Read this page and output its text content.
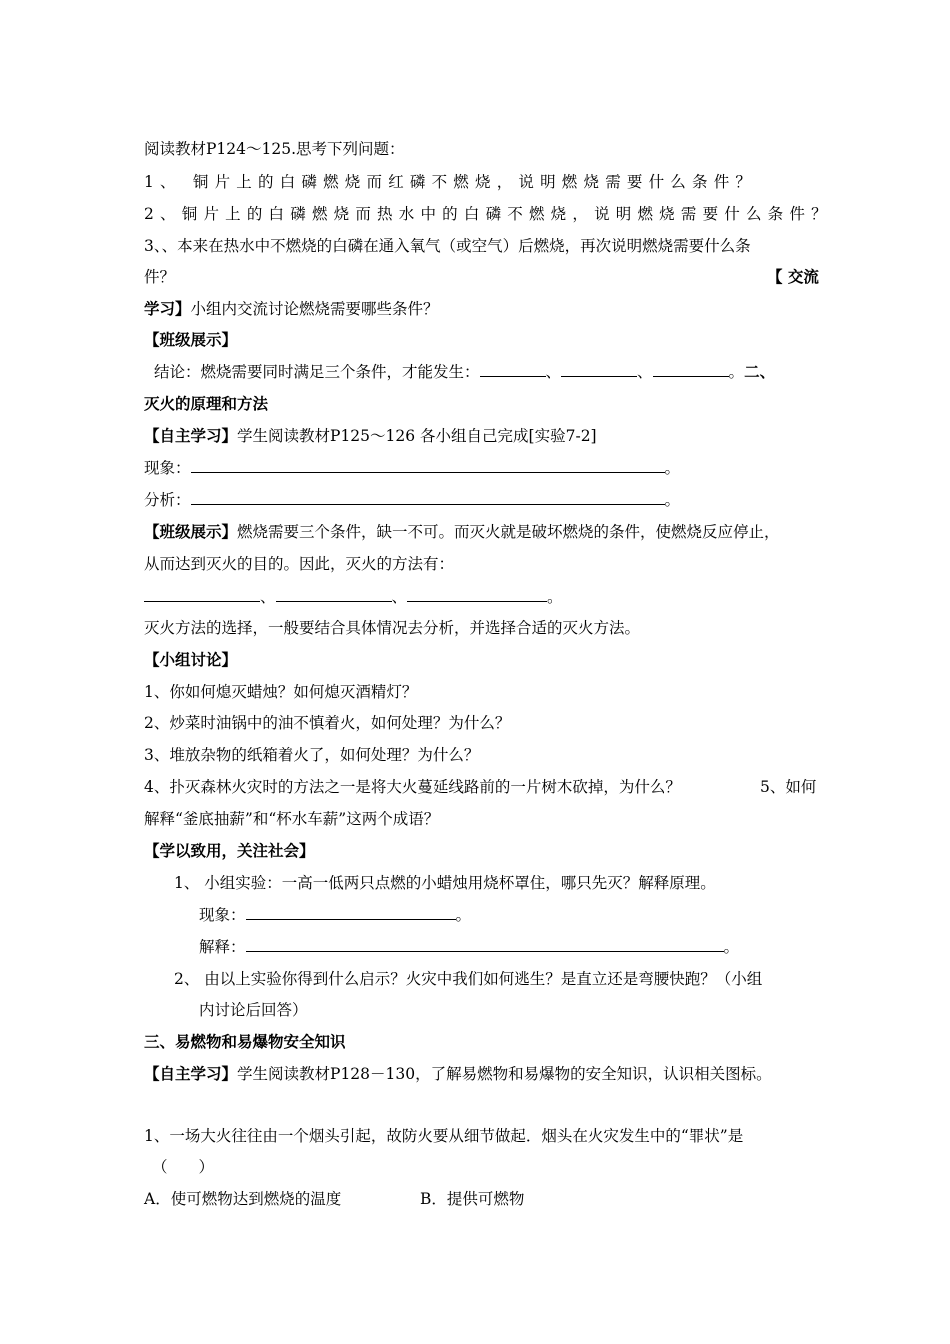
阅读教材P124～125.思考下列问题：
1、 铜片上的白磷燃烧而红磷不燃烧，说明燃烧需要什么条件？
2、铜片上的白磷燃烧而热水中的白磷不燃烧，说明燃烧需要什么条件？
3、、本来在热水中不燃烧的白磷在通入氧气（或空气）后燃烧，再次说明燃烧需要什么条
件？	【 交流
学习】小组内交流讨论燃烧需要哪些条件？
【班级展示】
结论：燃烧需要同时满足三个条件，才能发生：	、	、	。二、
灭火的原理和方法
【自主学习】学生阅读教材P125～126 各小组自己完成[实验7-2]
现象：	。
分析：	。
【班级展示】燃烧需要三个条件，缺一不可。而灭火就是破坏燃烧的条件，使燃烧反应停止，
从而达到灭火的目的。因此，灭火的方法有：
、	、	。
灭火方法的选择，一般要结合具体情况去分析，并选择合适的灭火方法。
【小组讨论】
1、你如何熄灭蜡烛？如何熄灭酒精灯？
2、炒菜时油锅中的油不慎着火，如何处理？为什么？
3、堆放杂物的纸箱着火了，如何处理？为什么？
4、扑灭森林火灾时的方法之一是将大火蔓延线路前的一片树木砍掉，为什么？	5、如何
解释“釜底抽薪”和“杯水车薪”这两个成语？
【学以致用，关注社会】
1、 小组实验：一高一低两只点燃的小蜡烛用烧杯罩住，哪只先灭？解释原理。
现象：	。
解释：	。
2、 由以上实验你得到什么启示？火灾中我们如何逃生？是直立还是弯腰快跑？（小组
内讨论后回答）
三、易燃物和易爆物安全知识
【自主学习】学生阅读教材P128－130，了解易燃物和易爆物的安全知识，认识相关图标。
1、一场大火往往由一个烟头引起，故防火要从细节做起．烟头在火灾发生中的“罪状”是
（　　）
A．使可燃物达到燃烧的温度	B．提供可燃物
